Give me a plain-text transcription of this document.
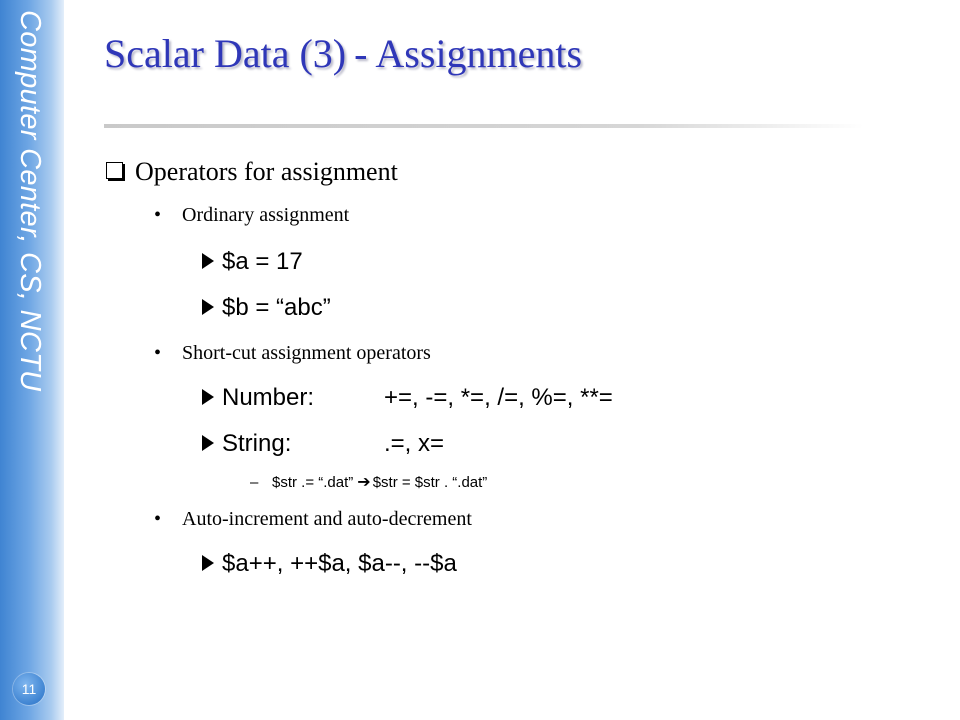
Computer Center, CS, NCTU
11
Scalar Data (3) - Assignments
Operators for assignment
• Ordinary assignment
$a = 17
$b = “abc”
• Short-cut assignment operators
Number:	+=, -=, *=, /=, %=, **=
String:	.=, x=
– $str .= “.dat” ➔ $str = $str . “.dat”
• Auto-increment and auto-decrement
$a++, ++$a, $a--, --$a
